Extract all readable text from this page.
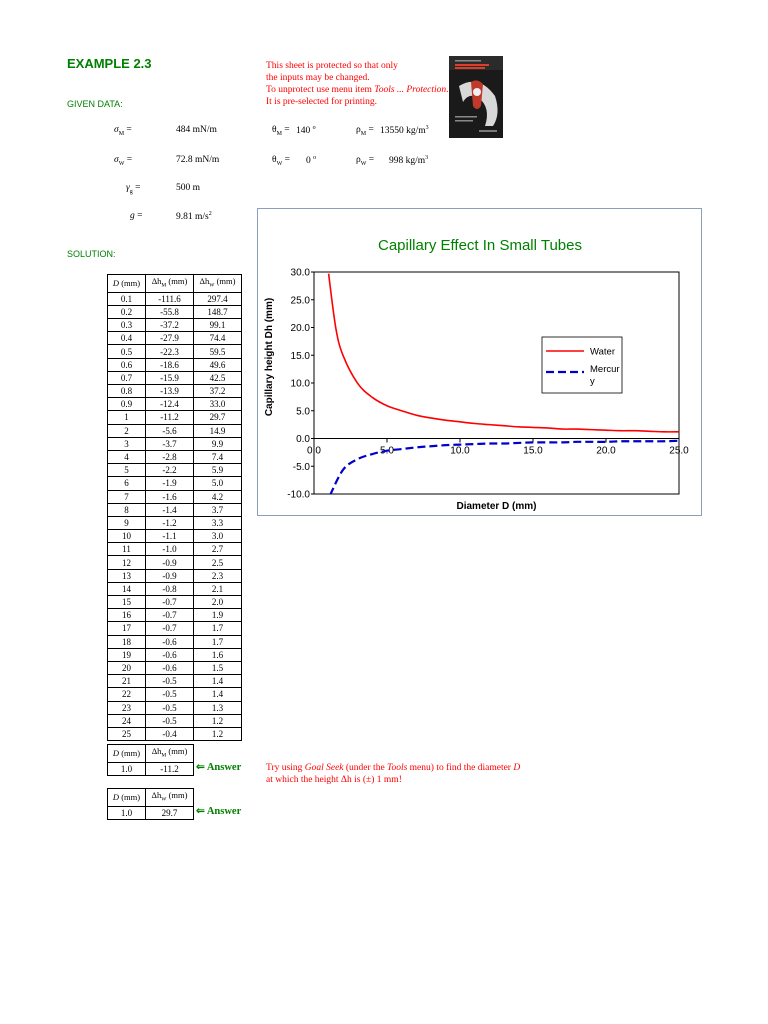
EXAMPLE 2.3
GIVEN DATA:
SOLUTION:
This sheet is protected so that only
the inputs may be changed.
To unprotect use menu item Tools ... Protection.
It is pre-selected for printing.
$\sigma_M$ =	484 mN/m
$\sigma_W$ =	72.8 mN/m
$\gamma_g$ =	500 m
g =	9.81 $m/s^2$
$\theta_M = 140$ $^o$
$\theta_W = 0$ $^o$
$\rho_M = 13550$ $kg/m^3$
$\rho_W = 998$ $kg/m^3$
Capillary Effect In Small Tubes
30.0
25.0
20.0
15.0
10.0
5.0
0.0
-5.0
-10.0
0.0	5.0	10.0	15.0	20.0	25.0
Diameter D (mm)
Capillary height Dh (mm)	Water
Mercur
y
D (mm)	$\Delta h_M$ (mm)	$\Delta h_W$ (mm)
0.1	-111.6	297.4
0.2	-55.8	148.7
0.3	-37.2	99.1
0.4	-27.9	74.4
0.5	-22.3	59.5
0.6	-18.6	49.6
0.7	-15.9	42.5
0.8	-13.9	37.2
0.9	-12.4	33.0
1	-11.2	29.7
2	-5.6	14.9
3	-3.7	9.9
4	-2.8	7.4
5	-2.2	5.9
6	-1.9	5.0
7	-1.6	4.2
8	-1.4	3.7
9	-1.2	3.3
10	-1.1	3.0
11	-1.0	2.7
12	-0.9	2.5
13	-0.9	2.3
14	-0.8	2.1
15	-0.7	2.0
16	-0.7	1.9
17	-0.7	1.7
18	-0.6	1.7
19	-0.6	1.6
20	-0.6	1.5
21	-0.5	1.4
22	-0.5	1.4
23	-0.5	1.3
24	-0.5	1.2
25	-0.4	1.2
D (mm)	$\Delta h_M$ (mm)
1.0	-11.2 ⇐ Answer
D (mm)	$\Delta h_W$ (mm)
1.0	29.7 ⇐ Answer
Try using Goal Seek (under the Tools menu) to find the diameter D
at which the height Δh is (±) 1 mm!
